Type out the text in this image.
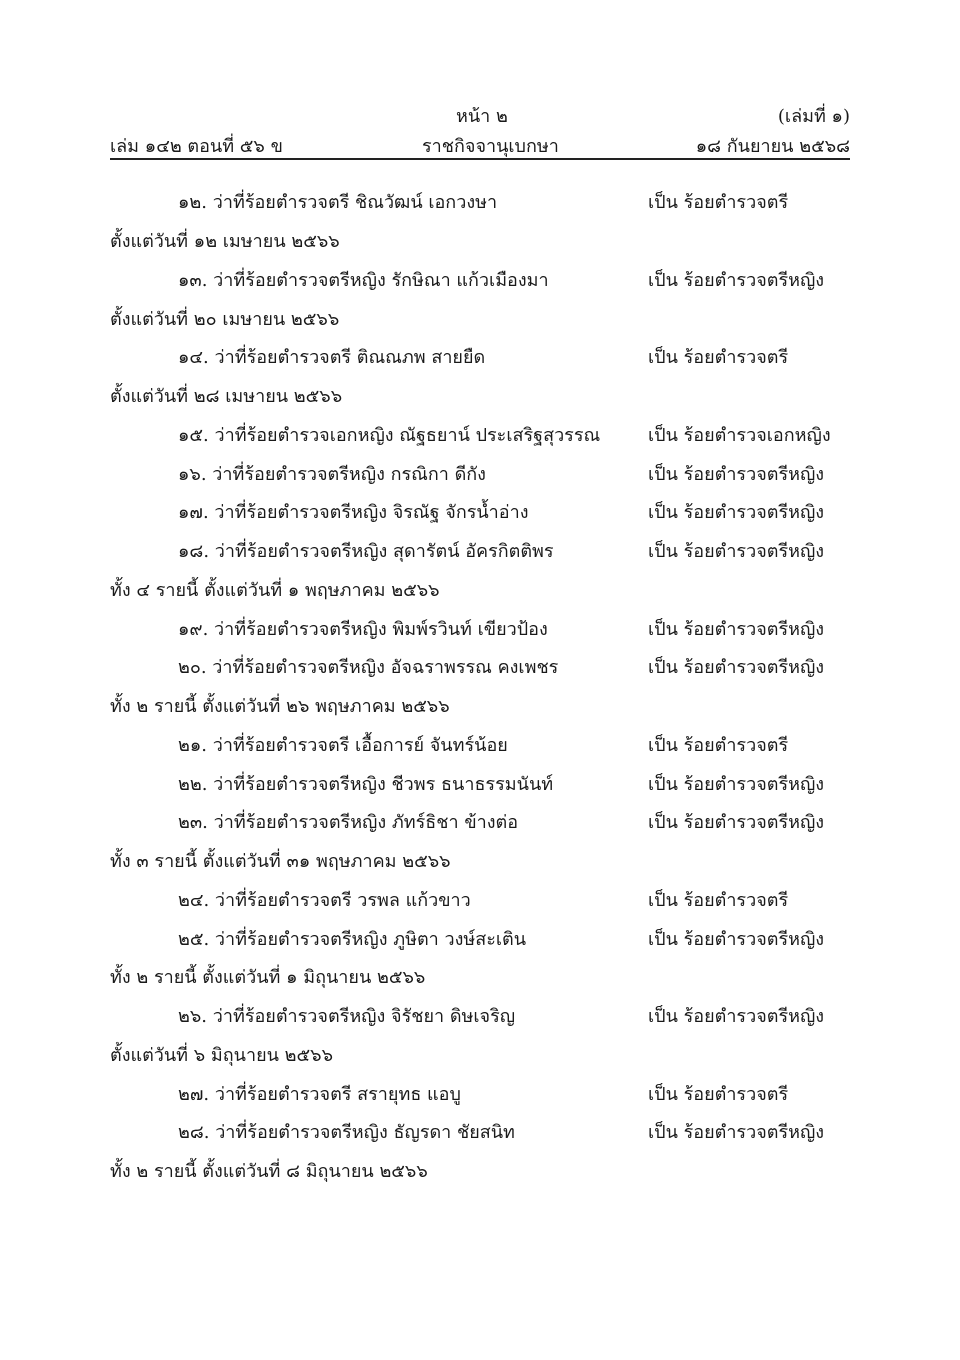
หน้า ๒	(เล่มที่ ๑)
เล่ม ๑๔๒ ตอนที่ ๕๖ ข	ราชกิจจานุเบกษา	๑๘ กันยายน ๒๕๖๘
๑๒. ว่าที่ร้อยตำรวจตรี ชิณวัฒน์ เอกวงษา	เป็น ร้อยตำรวจตรี
ตั้งแต่วันที่ ๑๒ เมษายน ๒๕๖๖
๑๓. ว่าที่ร้อยตำรวจตรีหญิง รักษิณา แก้วเมืองมา	เป็น ร้อยตำรวจตรีหญิง
ตั้งแต่วันที่ ๒๐ เมษายน ๒๕๖๖
๑๔. ว่าที่ร้อยตำรวจตรี ติณณภพ สายยืด	เป็น ร้อยตำรวจตรี
ตั้งแต่วันที่ ๒๘ เมษายน ๒๕๖๖
๑๕. ว่าที่ร้อยตำรวจเอกหญิง ณัฐธยาน์ ประเสริฐสุวรรณ	เป็น ร้อยตำรวจเอกหญิง
๑๖. ว่าที่ร้อยตำรวจตรีหญิง กรณิกา ดีกัง	เป็น ร้อยตำรวจตรีหญิง
๑๗. ว่าที่ร้อยตำรวจตรีหญิง จิรณัฐ จักรน้ำอ่าง	เป็น ร้อยตำรวจตรีหญิง
๑๘. ว่าที่ร้อยตำรวจตรีหญิง สุดารัตน์ อัครกิตติพร	เป็น ร้อยตำรวจตรีหญิง
ทั้ง ๔ รายนี้ ตั้งแต่วันที่ ๑ พฤษภาคม ๒๕๖๖
๑๙. ว่าที่ร้อยตำรวจตรีหญิง พิมพ์รวินท์ เขียวป้อง	เป็น ร้อยตำรวจตรีหญิง
๒๐. ว่าที่ร้อยตำรวจตรีหญิง อัจฉราพรรณ คงเพชร	เป็น ร้อยตำรวจตรีหญิง
ทั้ง ๒ รายนี้ ตั้งแต่วันที่ ๒๖ พฤษภาคม ๒๕๖๖
๒๑. ว่าที่ร้อยตำรวจตรี เอื้อการย์ จันทร์น้อย	เป็น ร้อยตำรวจตรี
๒๒. ว่าที่ร้อยตำรวจตรีหญิง ชีวพร ธนาธรรมนันท์	เป็น ร้อยตำรวจตรีหญิง
๒๓. ว่าที่ร้อยตำรวจตรีหญิง ภัทร์ธิชา ข้างต่อ	เป็น ร้อยตำรวจตรีหญิง
ทั้ง ๓ รายนี้ ตั้งแต่วันที่ ๓๑ พฤษภาคม ๒๕๖๖
๒๔. ว่าที่ร้อยตำรวจตรี วรพล แก้วขาว	เป็น ร้อยตำรวจตรี
๒๕. ว่าที่ร้อยตำรวจตรีหญิง ภูษิตา วงษ์สะเติน	เป็น ร้อยตำรวจตรีหญิง
ทั้ง ๒ รายนี้ ตั้งแต่วันที่ ๑ มิถุนายน ๒๕๖๖
๒๖. ว่าที่ร้อยตำรวจตรีหญิง จิรัชยา ดิษเจริญ	เป็น ร้อยตำรวจตรีหญิง
ตั้งแต่วันที่ ๖ มิถุนายน ๒๕๖๖
๒๗. ว่าที่ร้อยตำรวจตรี สรายุทธ แอบู	เป็น ร้อยตำรวจตรี
๒๘. ว่าที่ร้อยตำรวจตรีหญิง ธัญรดา ชัยสนิท	เป็น ร้อยตำรวจตรีหญิง
ทั้ง ๒ รายนี้ ตั้งแต่วันที่ ๘ มิถุนายน ๒๕๖๖
